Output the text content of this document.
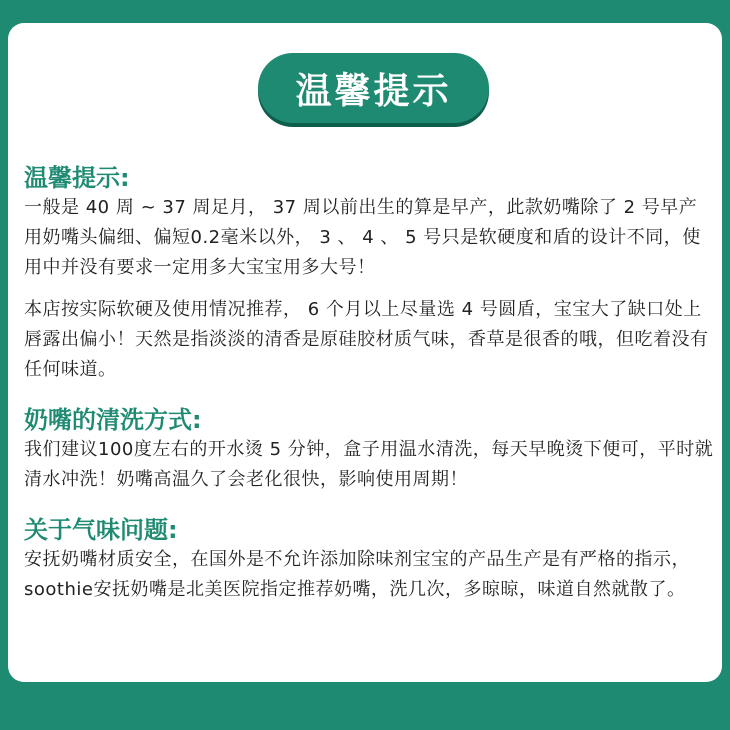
温馨提示
温馨提示:

一般是 40 周 ~ 37 周足月， 37 周以前出生的算是早产，此款奶嘴除了 2 号早产用奶嘴头偏细、偏短0.2毫米以外， 3 、 4 、 5 号只是软硬度和盾的设计不同，使用中并没有要求一定用多大宝宝用多大号！

本店按实际软硬及使用情况推荐， 6 个月以上尽量选 4 号圆盾，宝宝大了缺口处上唇露出偏小！天然是指淡淡的清香是原硅胶材质气味，香草是很香的哦，但吃着没有任何味道。

奶嘴的清洗方式:

我们建议100度左右的开水烫 5 分钟，盒子用温水清洗，每天早晚烫下便可，平时就清水冲洗！奶嘴高温久了会老化很快，影响使用周期！

关于气味问题:

安抚奶嘴材质安全，在国外是不允许添加除味剂宝宝的产品生产是有严格的指示，soothie安抚奶嘴是北美医院指定推荐奶嘴，洗几次，多晾晾，味道自然就散了。
